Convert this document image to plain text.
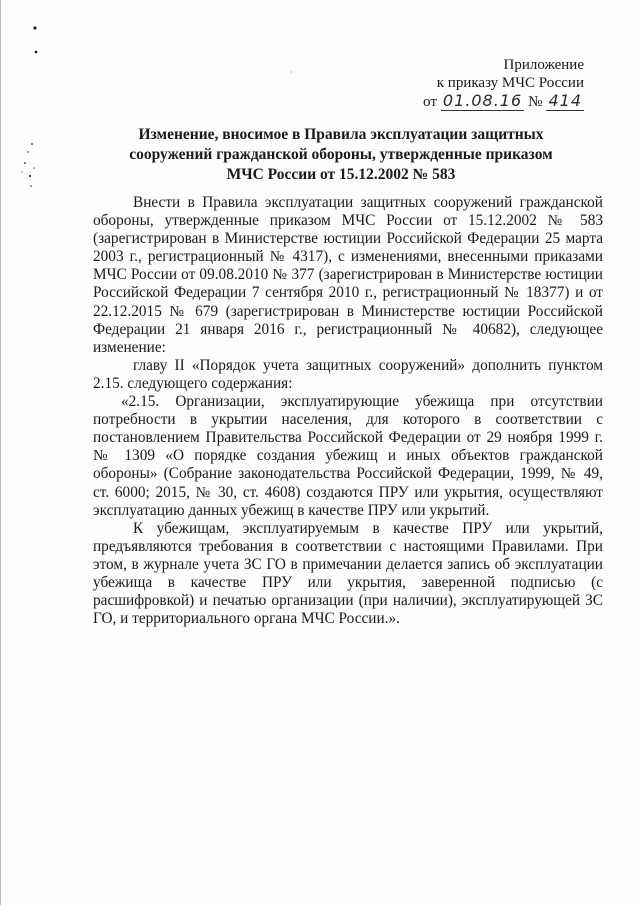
Приложение
к приказу МЧС России
от 01.08.16 № 414
Изменение, вносимое в Правила эксплуатации защитных
сооружений гражданской обороны, утвержденные приказом
МЧС России от 15.12.2002 № 583

Внести в Правила эксплуатации защитных сооружений гражданской обороны, утвержденные приказом МЧС России от 15.12.2002 № 583 (зарегистрирован в Министерстве юстиции Российской Федерации 25 марта 2003 г., регистрационный № 4317), с изменениями, внесенными приказами МЧС России от 09.08.2010 № 377 (зарегистрирован в Министерстве юстиции Российской Федерации 7 сентября 2010 г., регистрационный № 18377) и от 22.12.2015 № 679 (зарегистрирован в Министерстве юстиции Российской Федерации 21 января 2016 г., регистрационный № 40682), следующее изменение:

главу II «Порядок учета защитных сооружений» дополнить пунктом 2.15. следующего содержания:

«2.15. Организации, эксплуатирующие убежища при отсутствии потребности в укрытии населения, для которого в соответствии с постановлением Правительства Российской Федерации от 29 ноября 1999 г. № 1309 «О порядке создания убежищ и иных объектов гражданской обороны» (Собрание законодательства Российской Федерации, 1999, № 49, ст. 6000; 2015, № 30, ст. 4608) создаются ПРУ или укрытия, осуществляют эксплуатацию данных убежищ в качестве ПРУ или укрытий.

К убежищам, эксплуатируемым в качестве ПРУ или укрытий, предъявляются требования в соответствии с настоящими Правилами. При этом, в журнале учета ЗС ГО в примечании делается запись об эксплуатации убежища в качестве ПРУ или укрытия, заверенной подписью (с расшифровкой) и печатью организации (при наличии), эксплуатирующей ЗС ГО, и территориального органа МЧС России.».
